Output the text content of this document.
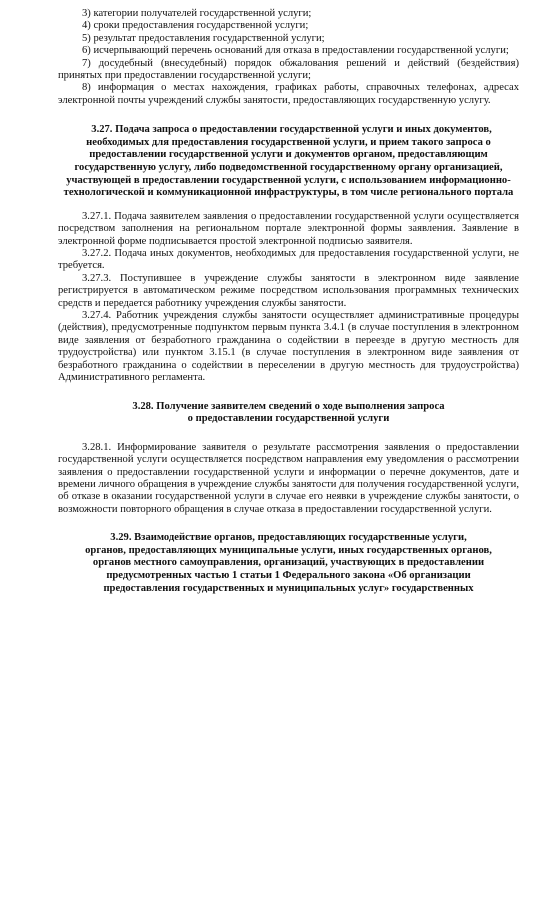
3) категории получателей государственной услуги;

4) сроки предоставления государственной услуги;

5) результат предоставления государственной услуги;

6) исчерпывающий перечень оснований для отказа в предоставлении государственной услуги;

7) досудебный (внесудебный) порядок обжалования решений и действий (бездействия) принятых при предоставлении государственной услуги;

8) информация о местах нахождения, графиках работы, справочных телефонах, адресах электронной почты учреждений службы занятости, предоставляющих государственную услугу.

3.27. Подача запроса о предоставлении государственной услуги и иных документов, необходимых для предоставления государственной услуги, и прием такого запроса о предоставлении государственной услуги и документов органом, предоставляющим государственную услугу, либо подведомственной государственному органу организацией, участвующей в предоставлении государственной услуги, с использованием информационно-технологической и коммуникационной инфраструктуры, в том числе регионального портала

3.27.1. Подача заявителем заявления о предоставлении государственной услуги осуществляется посредством заполнения на региональном портале электронной формы заявления. Заявление в электронной форме подписывается простой электронной подписью заявителя.

3.27.2. Подача иных документов, необходимых для предоставления государственной услуги, не требуется.

3.27.3. Поступившее в учреждение службы занятости в электронном виде заявление регистрируется в автоматическом режиме посредством использования программных технических средств и передается работнику учреждения службы занятости.

3.27.4. Работник учреждения службы занятости осуществляет административные процедуры (действия), предусмотренные подпунктом первым пункта 3.4.1 (в случае поступления в электронном виде заявления от безработного гражданина о содействии в переезде в другую местность для трудоустройства) или пунктом 3.15.1 (в случае поступления в электронном виде заявления от безработного гражданина о содействии в переселении в другую местность для трудоустройства) Административного регламента.

3.28. Получение заявителем сведений о ходе выполнения запроса
о предоставлении государственной услуги

3.28.1. Информирование заявителя о результате рассмотрения заявления о предоставлении государственной услуги осуществляется посредством направления ему уведомления о рассмотрении заявления о предоставлении государственной услуги и информации о перечне документов, дате и времени личного обращения в учреждение службы занятости для получения государственной услуги, об отказе в оказании государственной услуги в случае его неявки в учреждение службы занятости, о возможности повторного обращения в случае отказа в предоставлении государственной услуги.

3.29. Взаимодействие органов, предоставляющих государственные услуги,
органов, предоставляющих муниципальные услуги, иных государственных органов,
органов местного самоуправления, организаций, участвующих в предоставлении
предусмотренных частью 1 статьи 1 Федерального закона «Об организации
предоставления государственных и муниципальных услуг» государственных
